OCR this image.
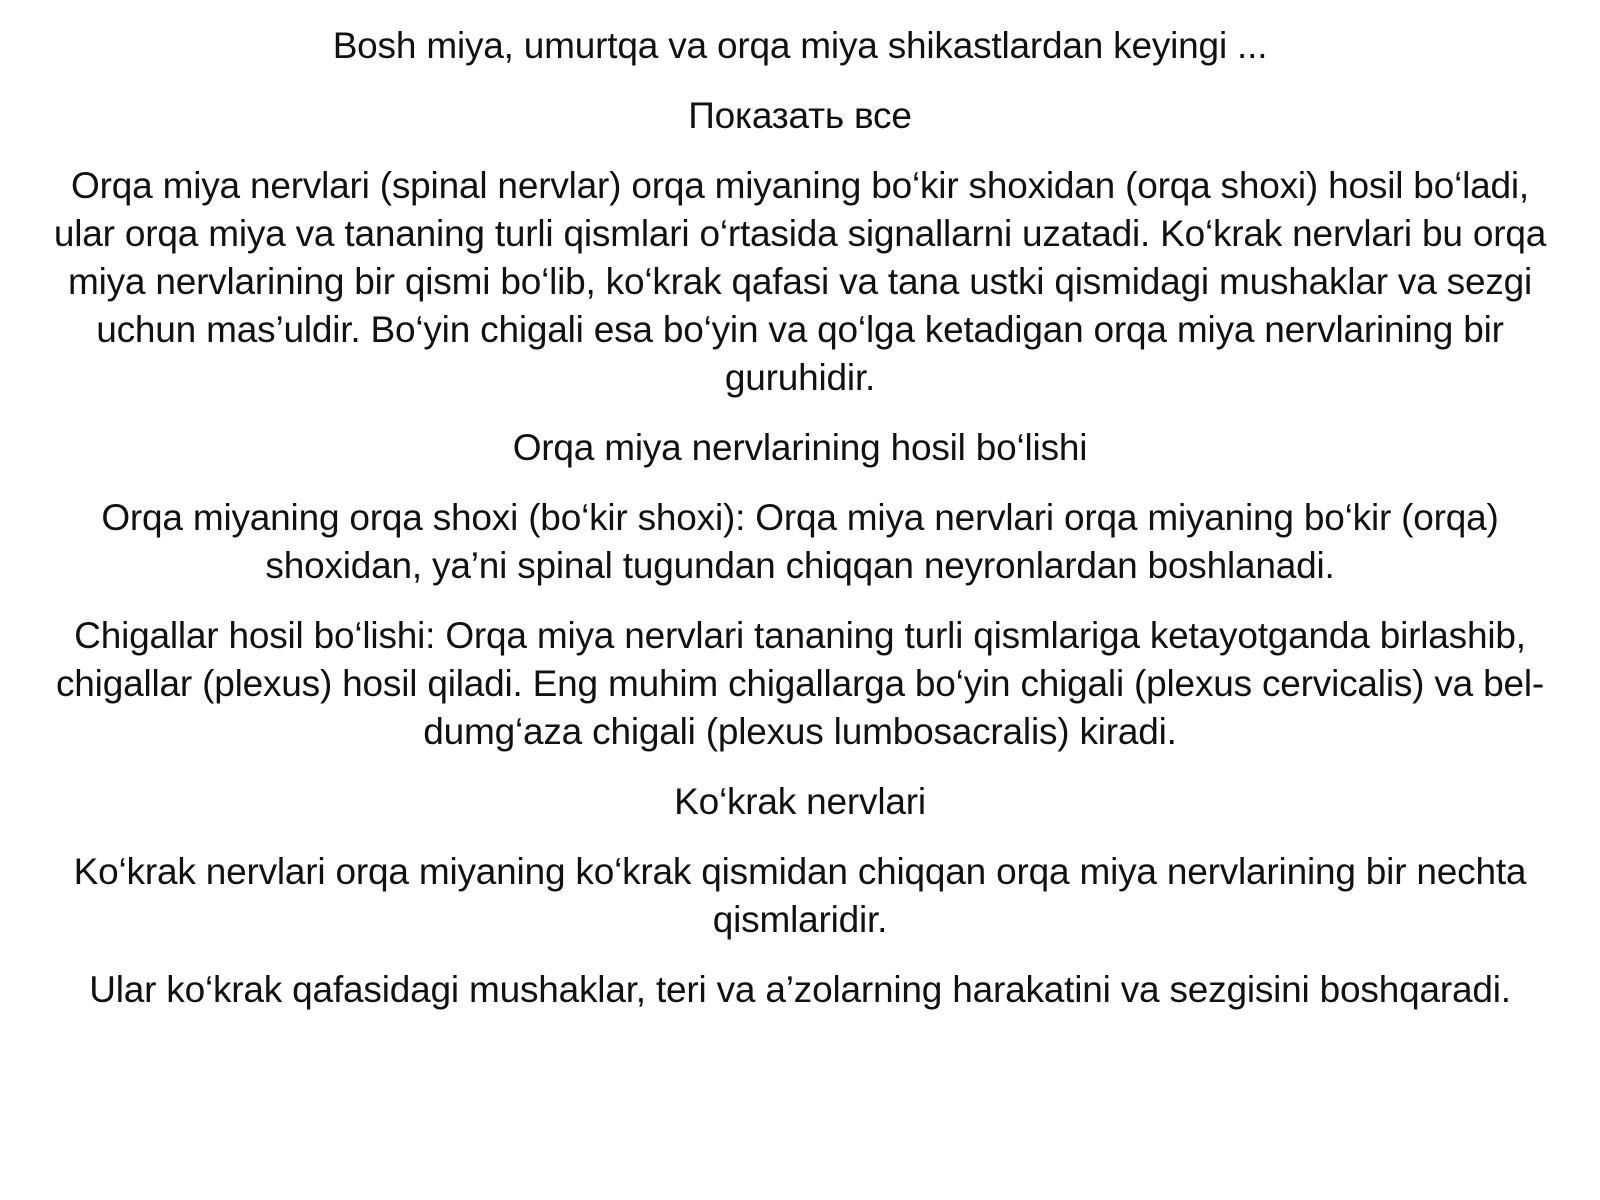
Bosh miya, umurtqa va orqa miya shikastlardan keyingi ...

Показать все

Orqa miya nervlari (spinal nervlar) orqa miyaning bo‘kir shoxidan (orqa shoxi) hosil bo‘ladi, ular orqa miya va tananing turli qismlari o‘rtasida signallarni uzatadi. Ko‘krak nervlari bu orqa miya nervlarining bir qismi bo‘lib, ko‘krak qafasi va tana ustki qismidagi mushaklar va sezgi uchun mas’uldir. Bo‘yin chigali esa bo‘yin va qo‘lga ketadigan orqa miya nervlarining bir guruhidir.

Orqa miya nervlarining hosil bo‘lishi

Orqa miyaning orqa shoxi (bo‘kir shoxi): Orqa miya nervlari orqa miyaning bo‘kir (orqa) shoxidan, ya’ni spinal tugundan chiqqan neyronlardan boshlanadi.

Chigallar hosil bo‘lishi: Orqa miya nervlari tananing turli qismlariga ketayotganda birlashib, chigallar (plexus) hosil qiladi. Eng muhim chigallarga bo‘yin chigali (plexus cervicalis) va bel-dumg‘aza chigali (plexus lumbosacralis) kiradi.

Ko‘krak nervlari

Ko‘krak nervlari orqa miyaning ko‘krak qismidan chiqqan orqa miya nervlarining bir nechta qismlaridir.

Ular ko‘krak qafasidagi mushaklar, teri va a’zolarning harakatini va sezgisini boshqaradi.
